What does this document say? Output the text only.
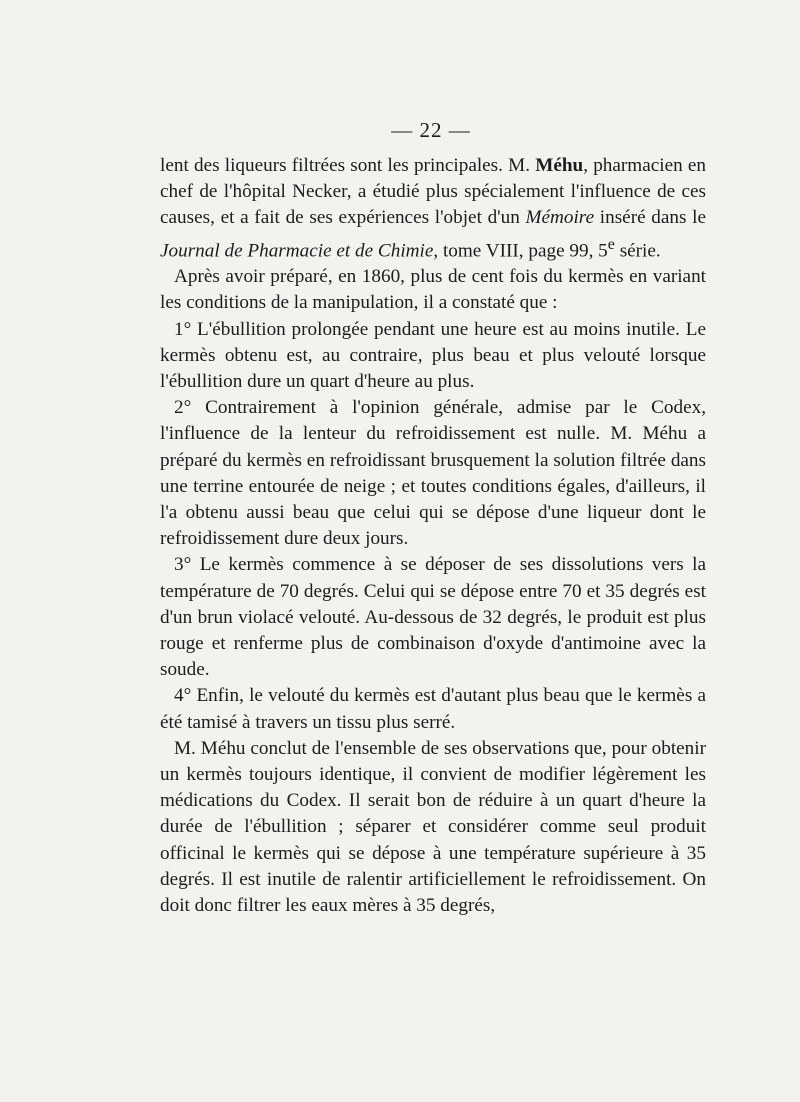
— 22 —

lent des liqueurs filtrées sont les principales. M. Méhu, pharmacien en chef de l'hôpital Necker, a étudié plus spécialement l'influence de ces causes, et a fait de ses expériences l'objet d'un Mémoire inséré dans le Journal de Pharmacie et de Chimie, tome VIII, page 99, 5e série.

Après avoir préparé, en 1860, plus de cent fois du kermès en variant les conditions de la manipulation, il a constaté que :

1° L'ébullition prolongée pendant une heure est au moins inutile. Le kermès obtenu est, au contraire, plus beau et plus velouté lorsque l'ébullition dure un quart d'heure au plus.

2° Contrairement à l'opinion générale, admise par le Codex, l'influence de la lenteur du refroidissement est nulle. M. Méhu a préparé du kermès en refroidissant brusquement la solution filtrée dans une terrine entourée de neige ; et toutes conditions égales, d'ailleurs, il l'a obtenu aussi beau que celui qui se dépose d'une liqueur dont le refroidissement dure deux jours.

3° Le kermès commence à se déposer de ses dissolutions vers la température de 70 degrés. Celui qui se dépose entre 70 et 35 degrés est d'un brun violacé velouté. Au-dessous de 32 degrés, le produit est plus rouge et renferme plus de combinaison d'oxyde d'antimoine avec la soude.

4° Enfin, le velouté du kermès est d'autant plus beau que le kermès a été tamisé à travers un tissu plus serré.

M. Méhu conclut de l'ensemble de ses observations que, pour obtenir un kermès toujours identique, il convient de modifier légèrement les médications du Codex. Il serait bon de réduire à un quart d'heure la durée de l'ébullition ; séparer et considérer comme seul produit officinal le kermès qui se dépose à une température supérieure à 35 degrés. Il est inutile de ralentir artificiellement le refroidissement. On doit donc filtrer les eaux mères à 35 degrés,
